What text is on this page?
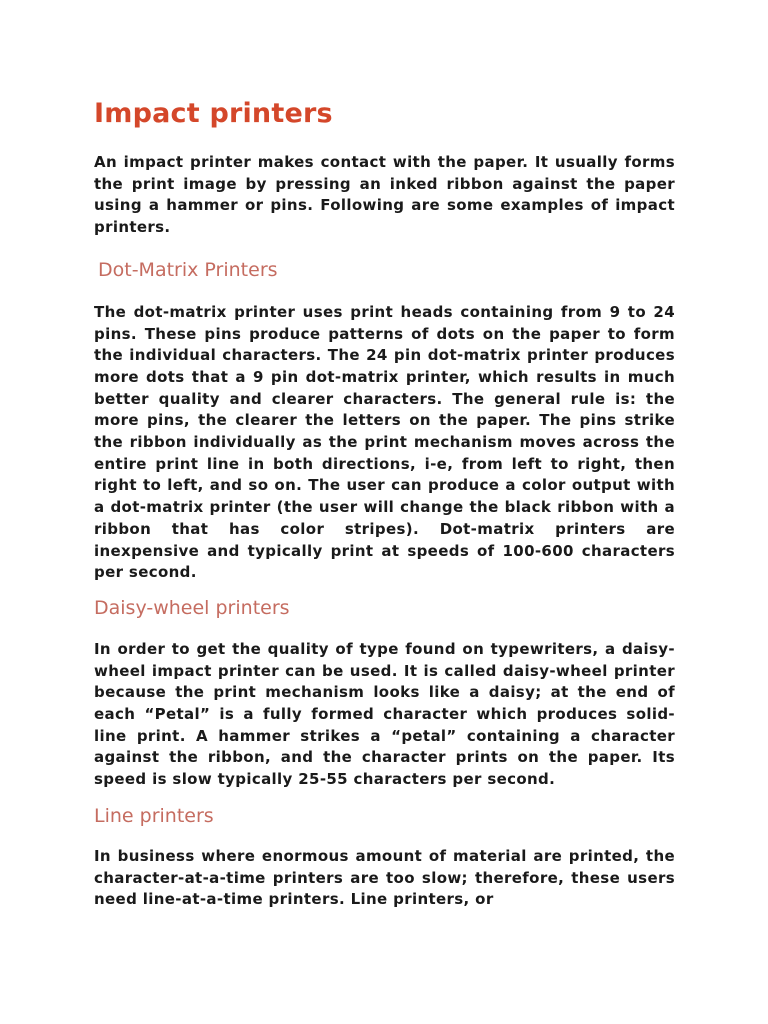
Impact printers

An impact printer makes contact with the paper. It usually forms the print image by pressing an inked ribbon against the paper using a hammer or pins. Following are some examples of impact printers.

Dot-Matrix Printers

The dot-matrix printer uses print heads containing from 9 to 24 pins. These pins produce patterns of dots on the paper to form the individual characters. The 24 pin dot-matrix printer produces more dots that a 9 pin dot-matrix printer, which results in much better quality and clearer characters. The general rule is: the more pins, the clearer the letters on the paper. The pins strike the ribbon individually as the print mechanism moves across the entire print line in both directions, i-e, from left to right, then right to left, and so on. The user can produce a color output with a dot-matrix printer (the user will change the black ribbon with a ribbon that has color stripes). Dot-matrix printers are inexpensive and typically print at speeds of 100-600 characters per second.

Daisy-wheel printers

In order to get the quality of type found on typewriters, a daisy-wheel impact printer can be used. It is called daisy-wheel printer because the print mechanism looks like a daisy; at the end of each “Petal” is a fully formed character which produces solid-line print. A hammer strikes a “petal” containing a character against the ribbon, and the character prints on the paper. Its speed is slow typically 25-55 characters per second.

Line printers

In business where enormous amount of material are printed, the character-at-a-time printers are too slow; therefore, these users need line-at-a-time printers. Line printers, or
